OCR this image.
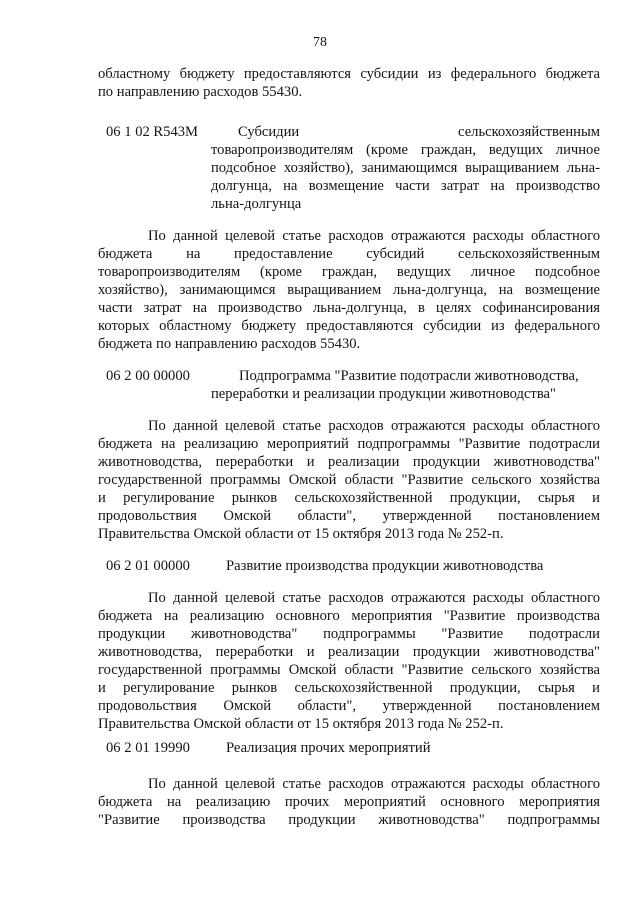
78
областному бюджету предоставляются субсидии из федерального бюджета
по направлению расходов 55430.
06 1 02 R543M	Субсидии сельскохозяйственным
товаропроизводителям (кроме граждан, ведущих личное
подсобное хозяйство), занимающимся выращиванием льна-
долгунца, на возмещение части затрат на производство
льна-долгунца
По данной целевой статье расходов отражаются расходы областного
бюджета на предоставление субсидий сельскохозяйственным
товаропроизводителям (кроме граждан, ведущих личное подсобное
хозяйство), занимающимся выращиванием льна-долгунца, на возмещение
части затрат на производство льна-долгунца, в целях софинансирования
которых областному бюджету предоставляются субсидии из федерального
бюджета по направлению расходов 55430.
06 2 00 00000	Подпрограмма "Развитие подотрасли животноводства,
переработки и реализации продукции животноводства"
По данной целевой статье расходов отражаются расходы областного
бюджета на реализацию мероприятий подпрограммы "Развитие подотрасли
животноводства, переработки и реализации продукции животноводства"
государственной программы Омской области "Развитие сельского хозяйства
и регулирование рынков сельскохозяйственной продукции, сырья и
продовольствия Омской области", утвержденной постановлением
Правительства Омской области от 15 октября 2013 года № 252-п.
06 2 01 00000 Развитие производства продукции животноводства
По данной целевой статье расходов отражаются расходы областного
бюджета на реализацию основного мероприятия "Развитие производства
продукции животноводства" подпрограммы "Развитие подотрасли
животноводства, переработки и реализации продукции животноводства"
государственной программы Омской области "Развитие сельского хозяйства
и регулирование рынков сельскохозяйственной продукции, сырья и
продовольствия Омской области", утвержденной постановлением
Правительства Омской области от 15 октября 2013 года № 252-п.
06 2 01 19990 Реализация прочих мероприятий
По данной целевой статье расходов отражаются расходы областного
бюджета на реализацию прочих мероприятий основного мероприятия
"Развитие производства продукции животноводства" подпрограммы
